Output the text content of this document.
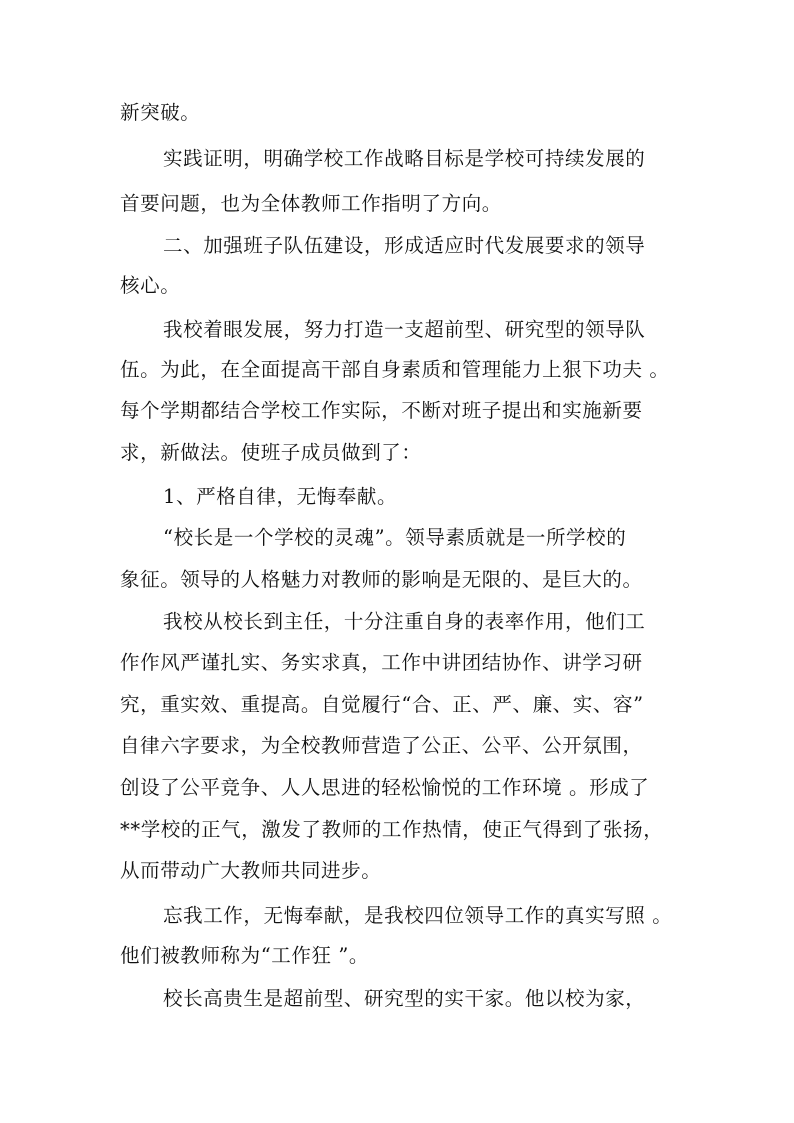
新突破。
实践证明，明确学校工作战略目标是学校可持续发展的
首要问题，也为全体教师工作指明了方向。
二、加强班子队伍建设，形成适应时代发展要求的领导
核心。
我校着眼发展，努力打造一支超前型、研究型的领导队
伍。为此，在全面提高干部自身素质和管理能力上狠下功夫 。
每个学期都结合学校工作实际，不断对班子提出和实施新要
求，新做法。使班子成员做到了：
1、严格自律，无悔奉献。
“校长是一个学校的灵魂”。领导素质就是一所学校的
象征。领导的人格魅力对教师的影响是无限的、是巨大的。
我校从校长到主任，十分注重自身的表率作用，他们工
作作风严谨扎实、务实求真，工作中讲团结协作、讲学习研
究，重实效、重提高。自觉履行“合、正、严、廉、实、容”
自律六字要求，为全校教师营造了公正、公平、公开氛围，
创设了公平竞争、人人思进的轻松愉悦的工作环境 。形成了
**学校的正气，激发了教师的工作热情，使正气得到了张扬，
从而带动广大教师共同进步。
忘我工作，无悔奉献，是我校四位领导工作的真实写照 。
他们被教师称为“工作狂 ”。
校长高贵生是超前型、研究型的实干家。他以校为家，
